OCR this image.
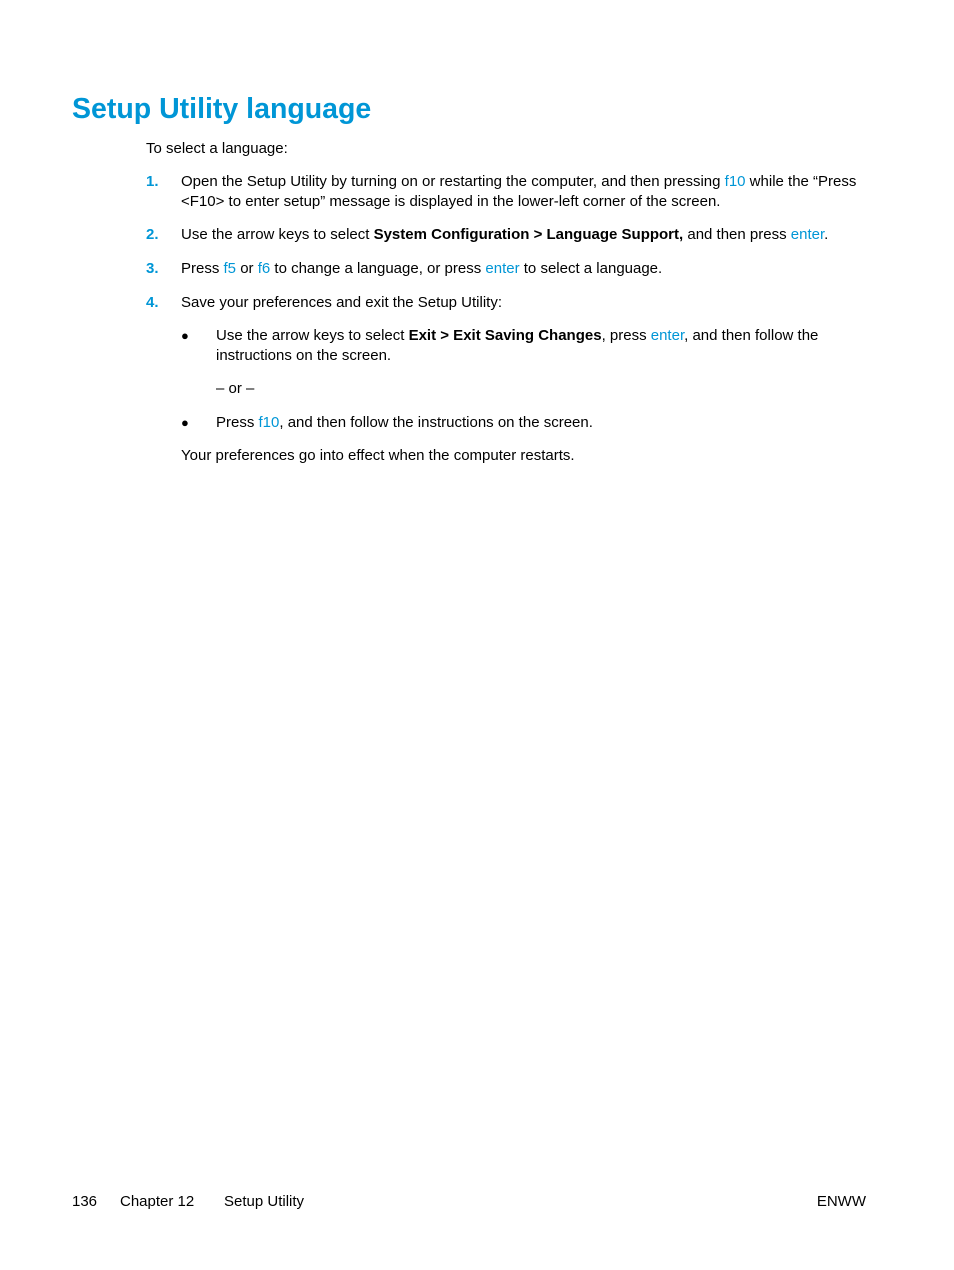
Setup Utility language
To select a language:
1. Open the Setup Utility by turning on or restarting the computer, and then pressing f10 while the “Press <F10> to enter setup” message is displayed in the lower-left corner of the screen.
2. Use the arrow keys to select System Configuration > Language Support, and then press enter.
3. Press f5 or f6 to change a language, or press enter to select a language.
4. Save your preferences and exit the Setup Utility:
● Use the arrow keys to select Exit > Exit Saving Changes, press enter, and then follow the instructions on the screen.
– or –
● Press f10, and then follow the instructions on the screen.
Your preferences go into effect when the computer restarts.
136 Chapter 12 Setup Utility	ENWW
